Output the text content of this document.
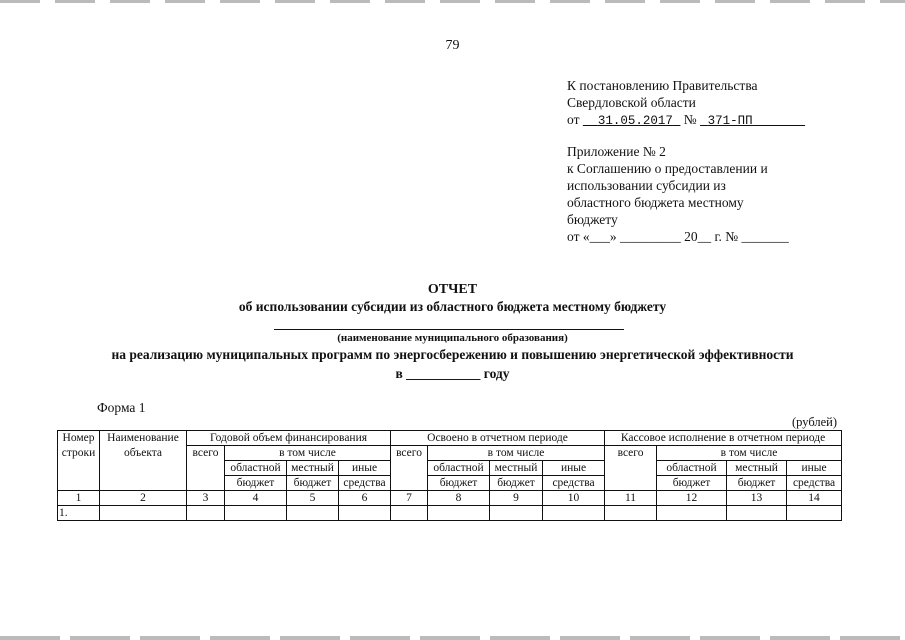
79
К постановлению Правительства
Свердловской области
от 31.05.2017 № 371-ПП
Приложение № 2
к Соглашению о предоставлении и
использовании субсидии из
областного бюджета местному
бюджету
от «___» _________ 20__ г. № _______
ОТЧЕТ
об использовании субсидии из областного бюджета местному бюджету
(наименование муниципального образования)
на реализацию муниципальных программ по энергосбережению и повышению энергетической эффективности
в ___________ году
Форма 1
(рублей)
Номер	Наименование	Годовой объем финансирования				Освоено в отчетном периоде				Кассовое исполнение в отчетном периоде			
строки	объекта	всего	в том числе			всего	в том числе			всего	в том числе		
			областной	местный	иные		областной	местный	иные		областной	местный	иные
			бюджет	бюджет	средства		бюджет	бюджет	средства		бюджет	бюджет	средства
1	2	3	4	5	6	7	8	9	10	11	12	13	14
1.													
